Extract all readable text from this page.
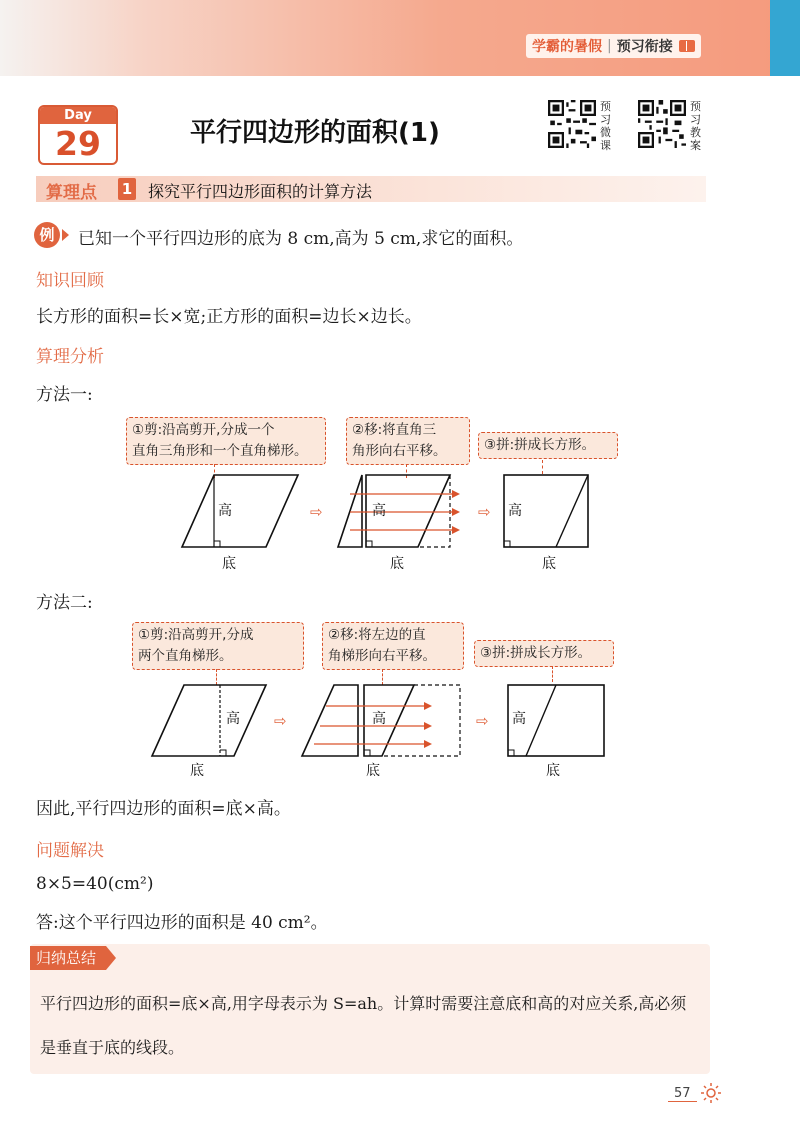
学霸的暑假 | 预习衔接
Day
29	平行四边形的面积(1)
预习微课
预习教案
算理点 1 探究平行四边形面积的计算方法
例	已知一个平行四边形的底为 8 cm,高为 5 cm,求它的面积。
知识回顾
长方形的面积=长×宽;正方形的面积=边长×边长。
算理分析
方法一:
①剪:沿高剪开,分成一个
直角三角形和一个直角梯形。
②移:将直角三
角形向右平移。	③拼:拼成长方形。
高
底
⇨	高
底
⇨ 高
底
方法二:
①剪:沿高剪开,分成
两个直角梯形。
②移:将左边的直
角梯形向右平移。	③拼:拼成长方形。
高
底
⇨	高
底
⇨ 高
底
因此,平行四边形的面积=底×高。
问题解决
8×5=40(cm²)
答:这个平行四边形的面积是 40 cm²。
归纳总结
平行四边形的面积=底×高,用字母表示为 S=ah。计算时需要注意底和高的对应关系,高必须是垂直于底的线段。
57
